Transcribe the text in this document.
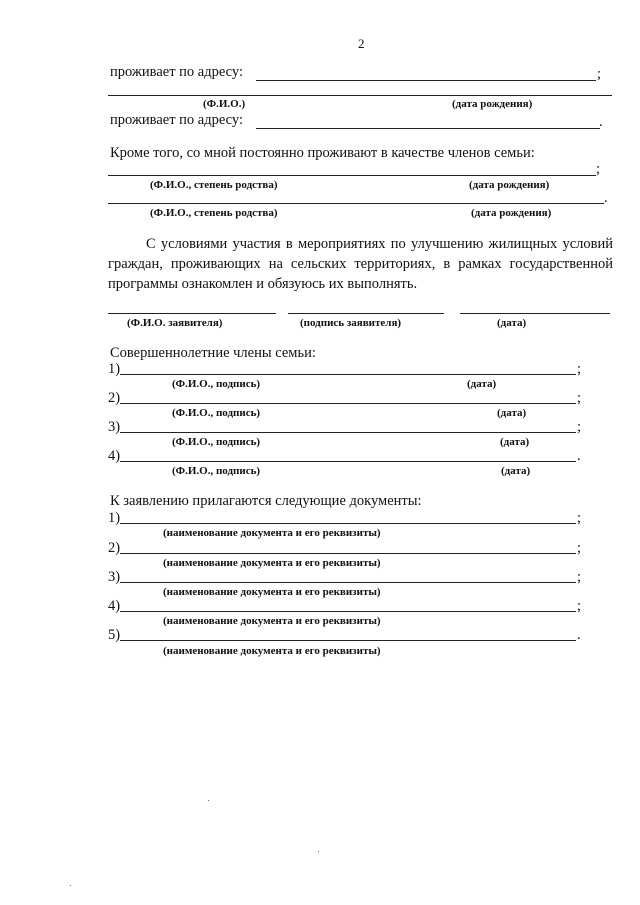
2
проживает по адресу:	;
(Ф.И.О.)	(дата рождения)
проживает по адресу:	.
Кроме того, со мной постоянно проживают в качестве членов семьи:
;
(Ф.И.О., степень родства)	(дата рождения)
.
(Ф.И.О., степень родства)	(дата рождения)
С условиями участия в мероприятиях по улучшению жилищных условий граждан, проживающих на сельских территориях, в рамках государственной программы ознакомлен и обязуюсь их выполнять.
(Ф.И.О. заявителя)	(подпись заявителя)	(дата)
Совершеннолетние члены семьи:
1)	;
(Ф.И.О., подпись)	(дата)
2)	;
(Ф.И.О., подпись)	(дата)
3)	;
(Ф.И.О., подпись)	(дата)
4)	.
(Ф.И.О., подпись)	(дата)
К заявлению прилагаются следующие документы:
1)	;
(наименование документа и его реквизиты)
2)	;
(наименование документа и его реквизиты)
3)	;
(наименование документа и его реквизиты)
4)	;
(наименование документа и его реквизиты)
5)	.
(наименование документа и его реквизиты)
